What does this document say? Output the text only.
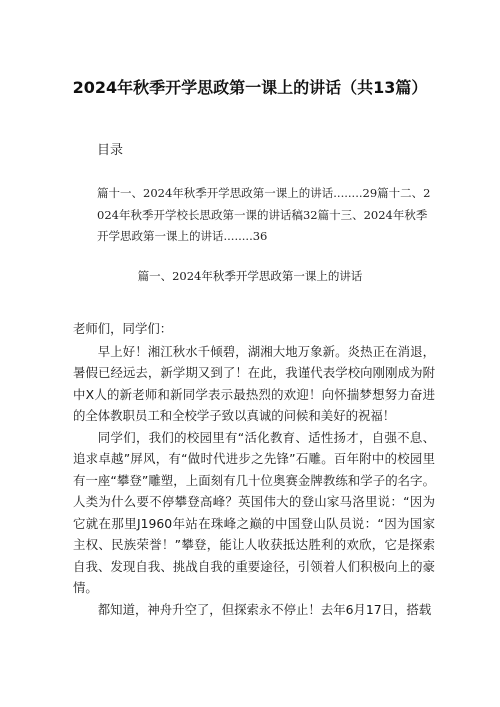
2024年秋季开学思政第一课上的讲话（共13篇）
目录
篇十一、2024年秋季开学思政第一课上的讲话........29篇十二、2024年秋季开学校长思政第一课的讲话稿32篇十三、2024年秋季开学思政第一课上的讲话........36
篇一、2024年秋季开学思政第一课上的讲话

老师们，同学们：

早上好！湘江秋水千倾碧，湖湘大地万象新。炎热正在消退，暑假已经远去，新学期又到了！在此，我谨代表学校向刚刚成为附中X人的新老师和新同学表示最热烈的欢迎！向怀揣梦想努力奋进的全体教职员工和全校学子致以真诚的问候和美好的祝福！

同学们，我们的校园里有“活化教育、适性扬才，自强不息、追求卓越”屏风，有“做时代进步之先锋”石雕。百年附中的校园里有一座“攀登”雕塑，上面刻有几十位奥赛金牌教练和学子的名字。人类为什么要不停攀登高峰？英国伟大的登山家马洛里说：“因为它就在那里J1960年站在珠峰之巅的中国登山队员说：“因为国家主权、民族荣誉！”攀登，能让人收获抵达胜利的欢欣，它是探索自我、发现自我、挑战自我的重要途径，引领着人们积极向上的豪情。

都知道，神舟升空了，但探索永不停止！去年6月17日，搭载
